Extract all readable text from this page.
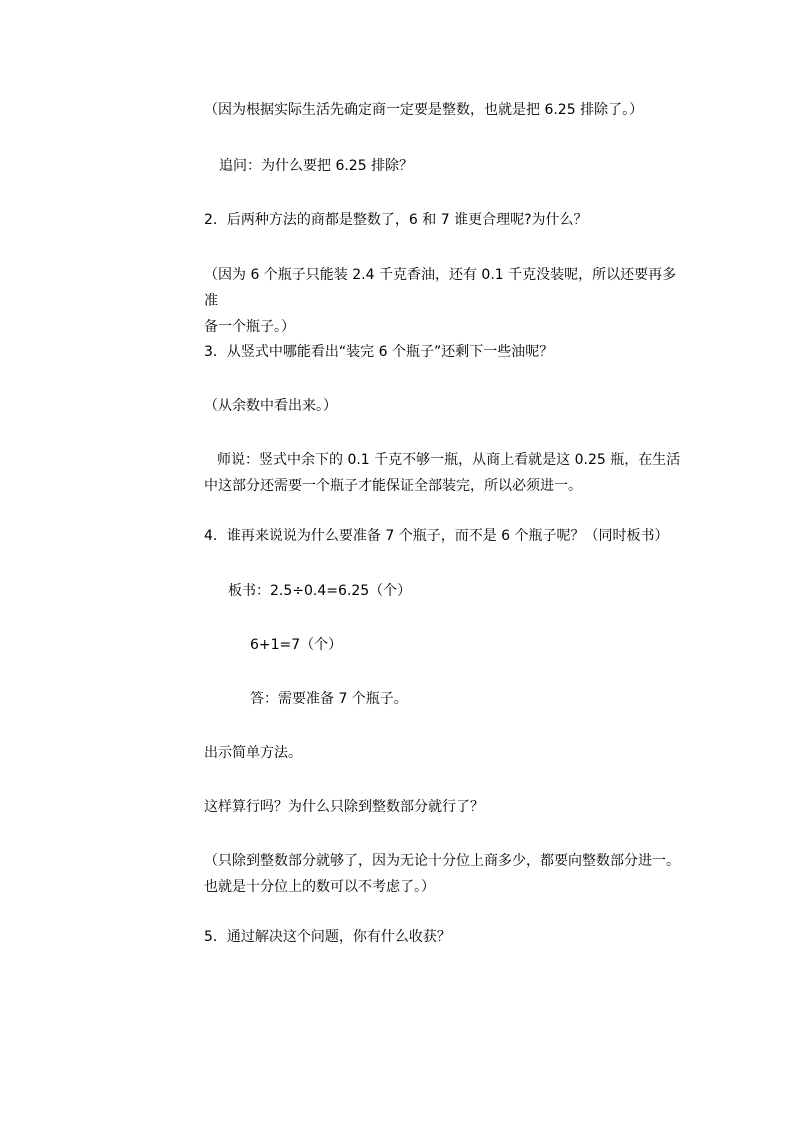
（因为根据实际生活先确定商一定要是整数，也就是把 6.25 排除了。）
追问：为什么要把 6.25 排除？
2．后两种方法的商都是整数了，6 和 7 谁更合理呢?为什么？
（因为 6 个瓶子只能装 2.4 千克香油，还有 0.1 千克没装呢，所以还要再多准
备一个瓶子。）
3．从竖式中哪能看出“装完 6 个瓶子”还剩下一些油呢？
（从余数中看出来。）
师说：竖式中余下的 0.1 千克不够一瓶，从商上看就是这 0.25 瓶，在生活
中这部分还需要一个瓶子才能保证全部装完，所以必须进一。
4．谁再来说说为什么要准备 7 个瓶子，而不是 6 个瓶子呢？（同时板书）
板书：2.5÷0.4=6.25（个）
6+1=7（个）
答：需要准备 7 个瓶子。
出示简单方法。
这样算行吗？为什么只除到整数部分就行了？
（只除到整数部分就够了，因为无论十分位上商多少，都要向整数部分进一。
也就是十分位上的数可以不考虑了。）
5．通过解决这个问题，你有什么收获？
